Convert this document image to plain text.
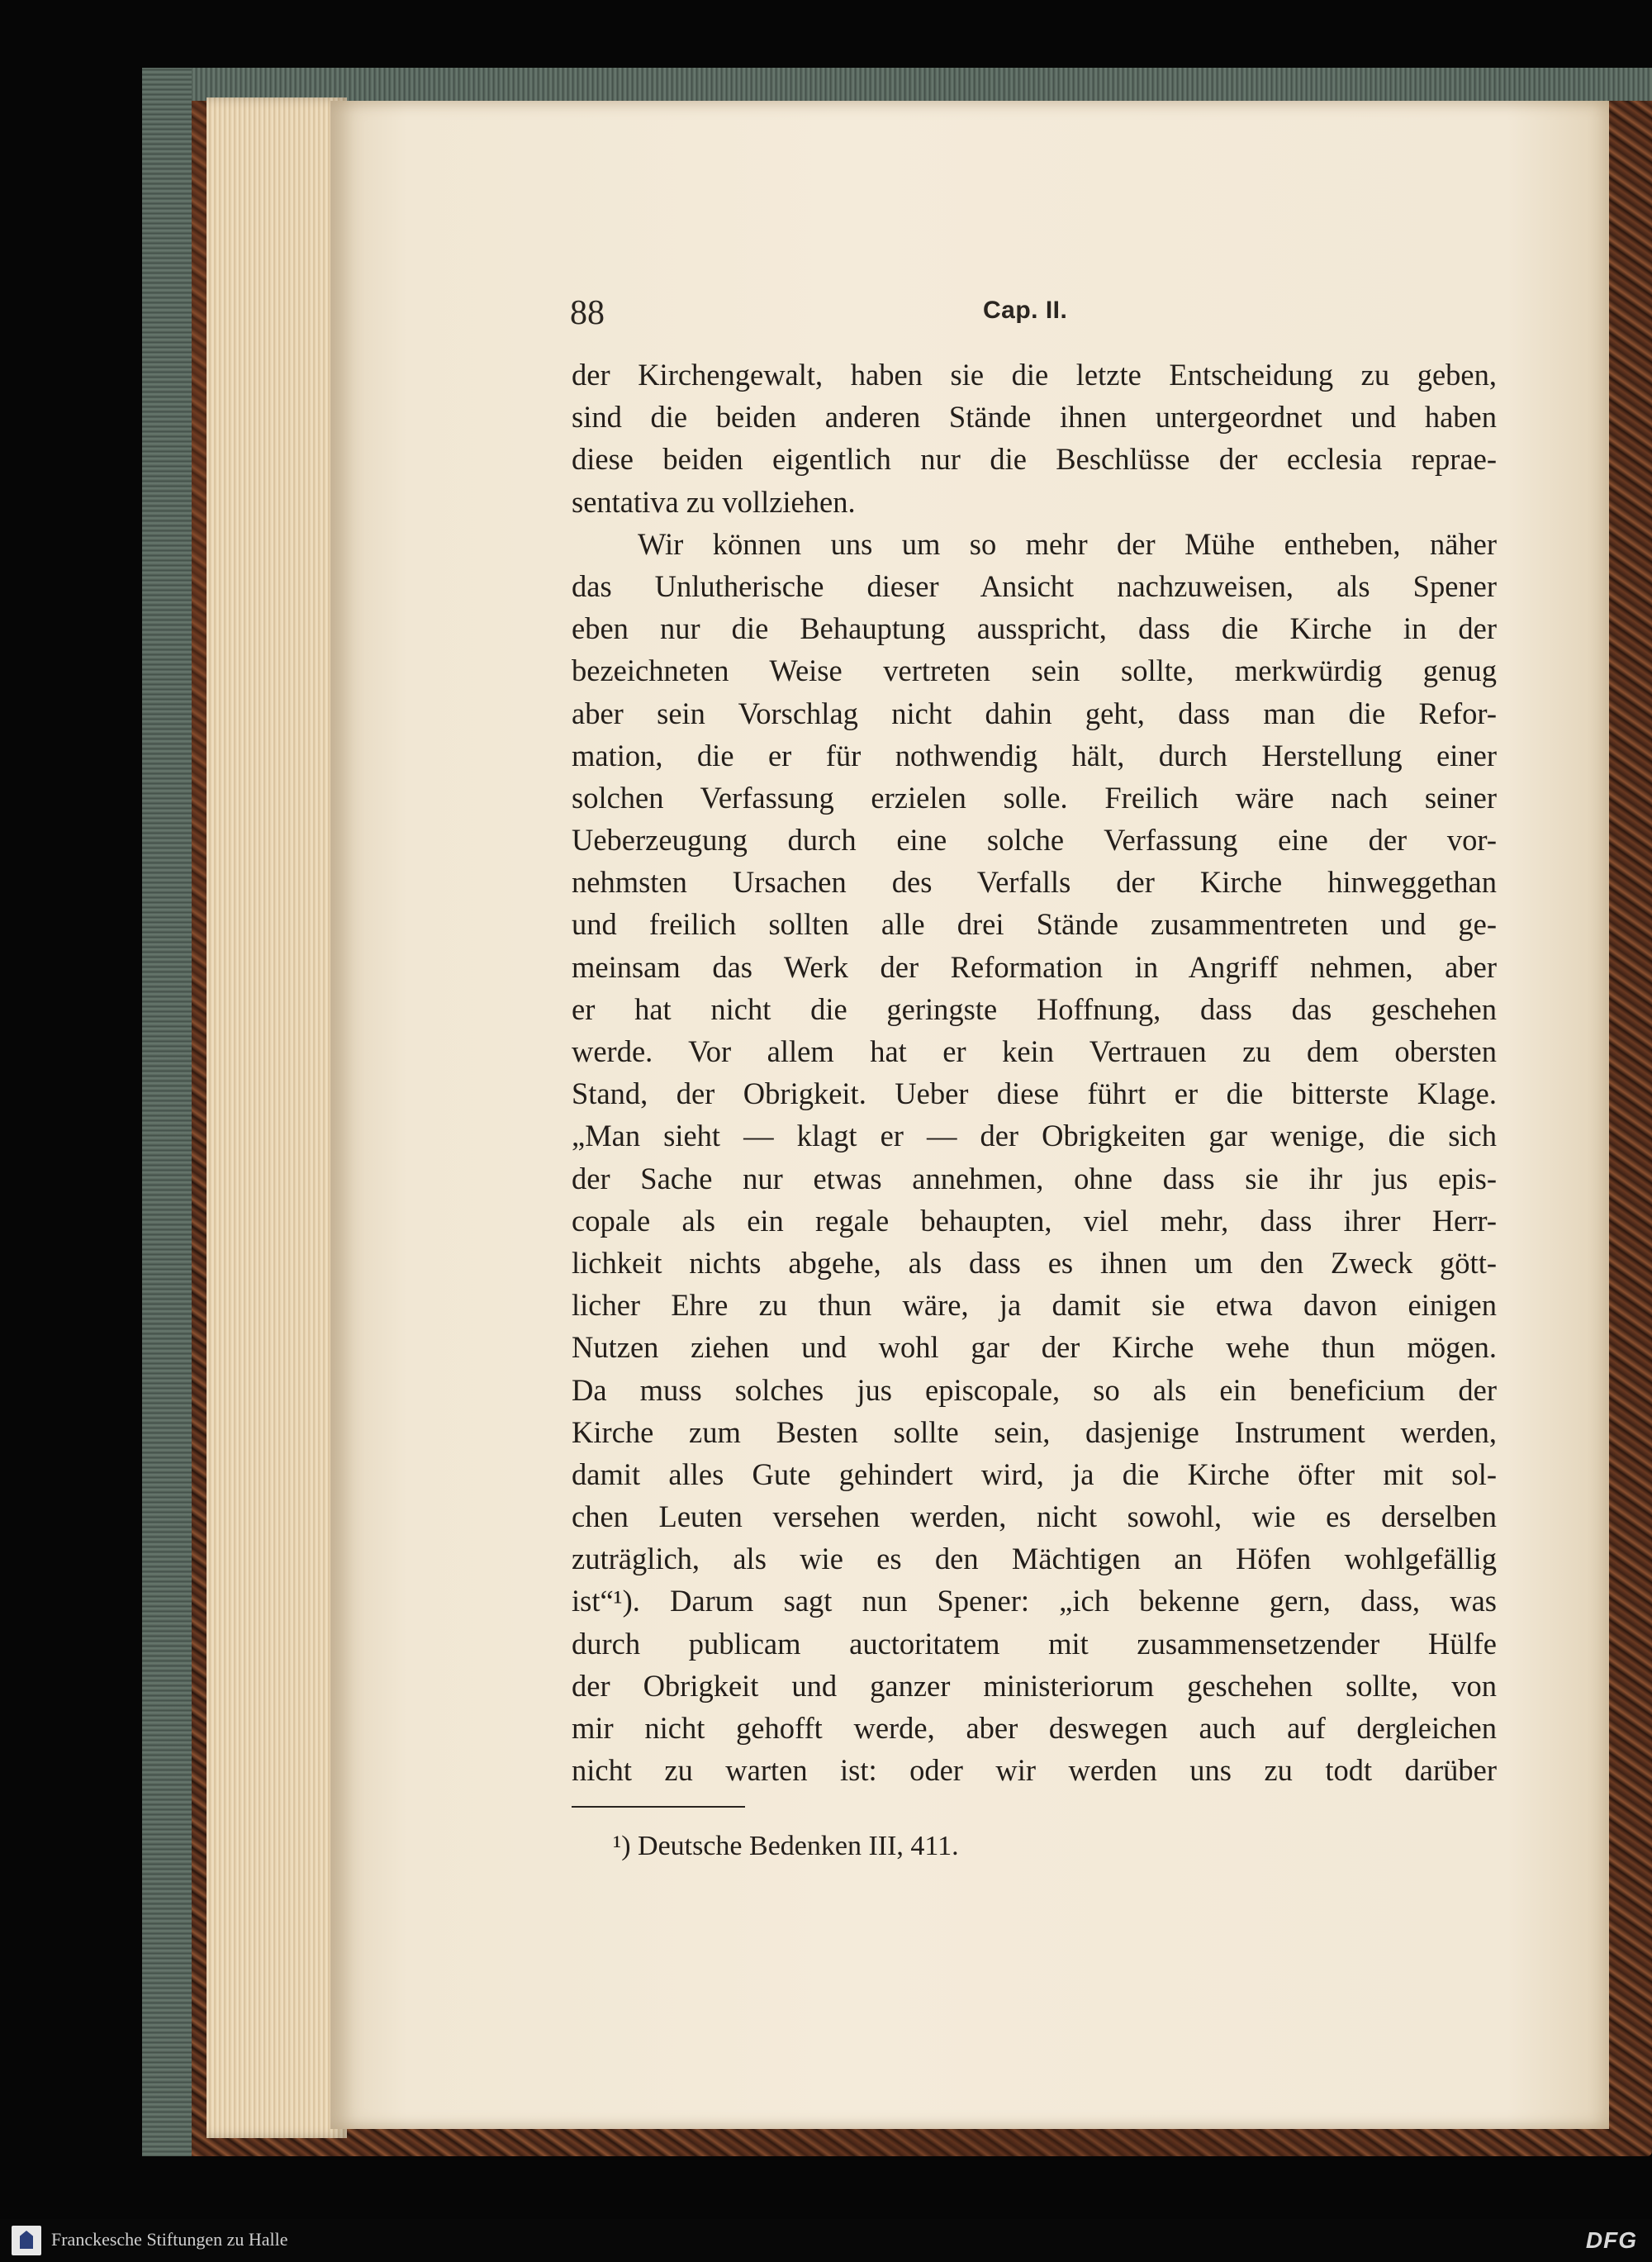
88	Cap. II.
der Kirchengewalt, haben sie die letzte Entscheidung zu geben,
sind die beiden anderen Stände ihnen untergeordnet und haben
diese beiden eigentlich nur die Beschlüsse der ecclesia reprae-
sentativa zu vollziehen.
Wir können uns um so mehr der Mühe entheben, näher
das Unlutherische dieser Ansicht nachzuweisen, als Spener
eben nur die Behauptung ausspricht, dass die Kirche in der
bezeichneten Weise vertreten sein sollte, merkwürdig genug
aber sein Vorschlag nicht dahin geht, dass man die Refor-
mation, die er für nothwendig hält, durch Herstellung einer
solchen Verfassung erzielen solle. Freilich wäre nach seiner
Ueberzeugung durch eine solche Verfassung eine der vor-
nehmsten Ursachen des Verfalls der Kirche hinweggethan
und freilich sollten alle drei Stände zusammentreten und ge-
meinsam das Werk der Reformation in Angriff nehmen, aber
er hat nicht die geringste Hoffnung, dass das geschehen
werde. Vor allem hat er kein Vertrauen zu dem obersten
Stand, der Obrigkeit. Ueber diese führt er die bitterste Klage.
„Man sieht — klagt er — der Obrigkeiten gar wenige, die sich
der Sache nur etwas annehmen, ohne dass sie ihr jus epis-
copale als ein regale behaupten, viel mehr, dass ihrer Herr-
lichkeit nichts abgehe, als dass es ihnen um den Zweck gött-
licher Ehre zu thun wäre, ja damit sie etwa davon einigen
Nutzen ziehen und wohl gar der Kirche wehe thun mögen.
Da muss solches jus episcopale, so als ein beneficium der
Kirche zum Besten sollte sein, dasjenige Instrument werden,
damit alles Gute gehindert wird, ja die Kirche öfter mit sol-
chen Leuten versehen werden, nicht sowohl, wie es derselben
zuträglich, als wie es den Mächtigen an Höfen wohlgefällig
ist“¹). Darum sagt nun Spener: „ich bekenne gern, dass, was
durch publicam auctoritatem mit zusammensetzender Hülfe
der Obrigkeit und ganzer ministeriorum geschehen sollte, von
mir nicht gehofft werde, aber deswegen auch auf dergleichen
nicht zu warten ist: oder wir werden uns zu todt darüber
¹) Deutsche Bedenken III, 411.
Franckesche Stiftungen zu Halle	DFG
